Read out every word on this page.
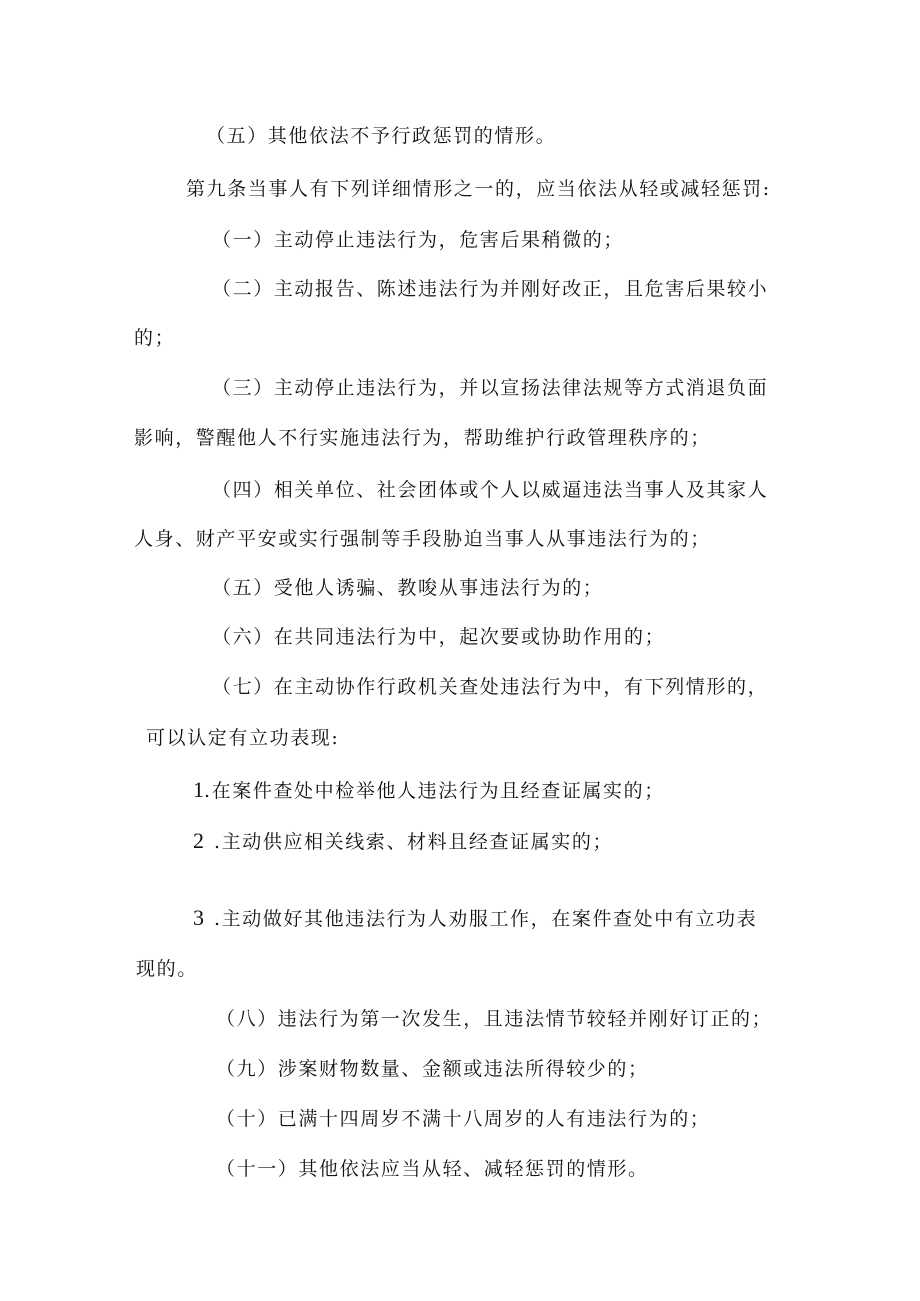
（五）其他依法不予行政惩罚的情形。
第九条当事人有下列详细情形之一的，应当依法从轻或减轻惩罚:
（一）主动停止违法行为，危害后果稍微的；
（二）主动报告、陈述违法行为并刚好改正，且危害后果较小
的；
（三）主动停止违法行为，并以宣扬法律法规等方式消退负面
影响，警醒他人不行实施违法行为，帮助维护行政管理秩序的；
（四）相关单位、社会团体或个人以威逼违法当事人及其家人
人身、财产平安或实行强制等手段胁迫当事人从事违法行为的；
（五）受他人诱骗、教唆从事违法行为的；
（六）在共同违法行为中，起次要或协助作用的；
（七）在主动协作行政机关查处违法行为中，有下列情形的，
可以认定有立功表现:
1.在案件查处中检举他人违法行为且经查证属实的；
2 .主动供应相关线索、材料且经查证属实的；
3 .主动做好其他违法行为人劝服工作，在案件查处中有立功表
现的。
（八）违法行为第一次发生，且违法情节较轻并刚好订正的；
（九）涉案财物数量、金额或违法所得较少的；
（十）已满十四周岁不满十八周岁的人有违法行为的；
（十一）其他依法应当从轻、减轻惩罚的情形。
